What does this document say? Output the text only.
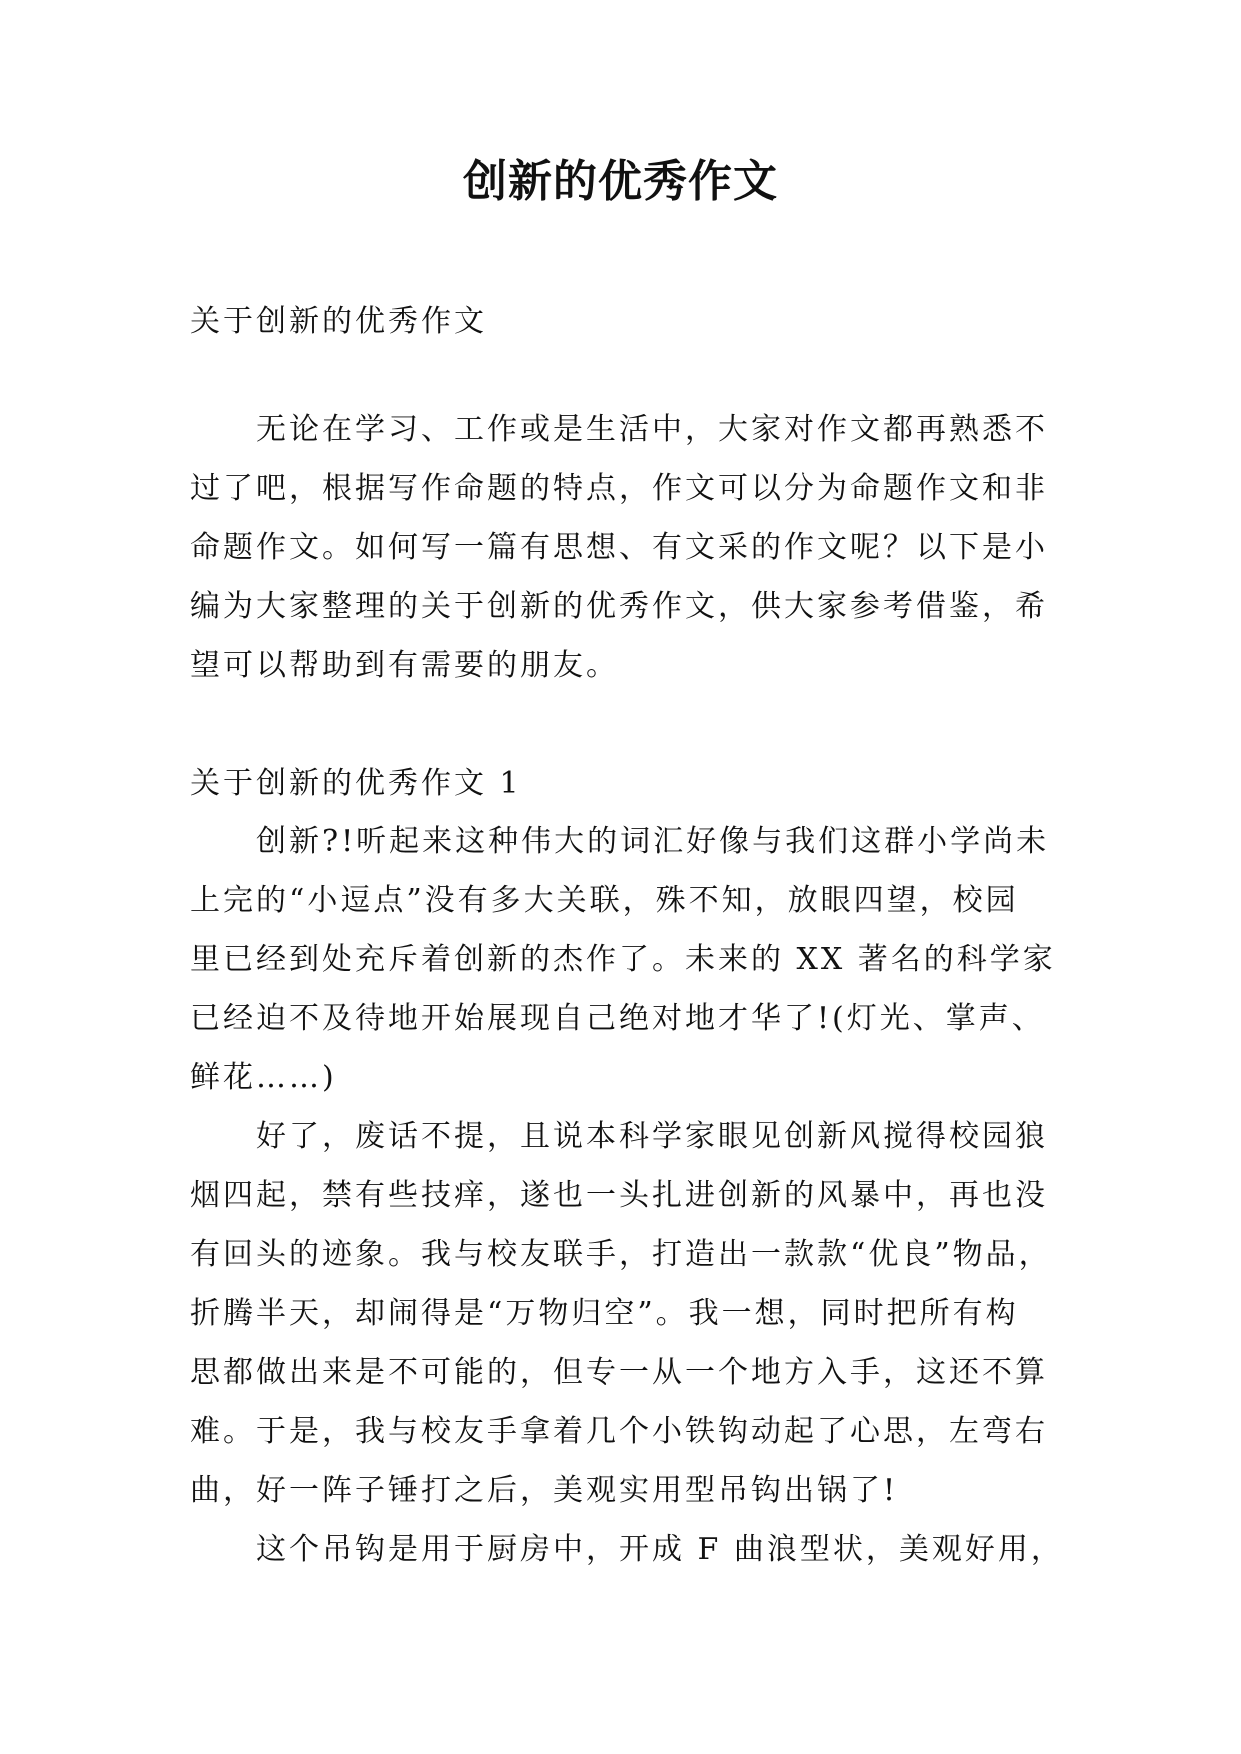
创新的优秀作文
关于创新的优秀作文
无论在学习、工作或是生活中，大家对作文都再熟悉不
过了吧，根据写作命题的特点，作文可以分为命题作文和非
命题作文。如何写一篇有思想、有文采的作文呢？以下是小
编为大家整理的关于创新的优秀作文，供大家参考借鉴，希
望可以帮助到有需要的朋友。
关于创新的优秀作文 1

创新?!听起来这种伟大的词汇好像与我们这群小学尚未
上完的“小逗点”没有多大关联，殊不知，放眼四望，校园
里已经到处充斥着创新的杰作了。未来的 XX 著名的科学家
已经迫不及待地开始展现自己绝对地才华了!(灯光、掌声、
鲜花……)

好了，废话不提，且说本科学家眼见创新风搅得校园狼
烟四起，禁有些技痒，遂也一头扎进创新的风暴中，再也没
有回头的迹象。我与校友联手，打造出一款款“优良”物品，
折腾半天，却闹得是“万物归空”。我一想，同时把所有构
思都做出来是不可能的，但专一从一个地方入手，这还不算
难。于是，我与校友手拿着几个小铁钩动起了心思，左弯右
曲，好一阵子锤打之后，美观实用型吊钩出锅了!

这个吊钩是用于厨房中，开成 F 曲浪型状，美观好用，
